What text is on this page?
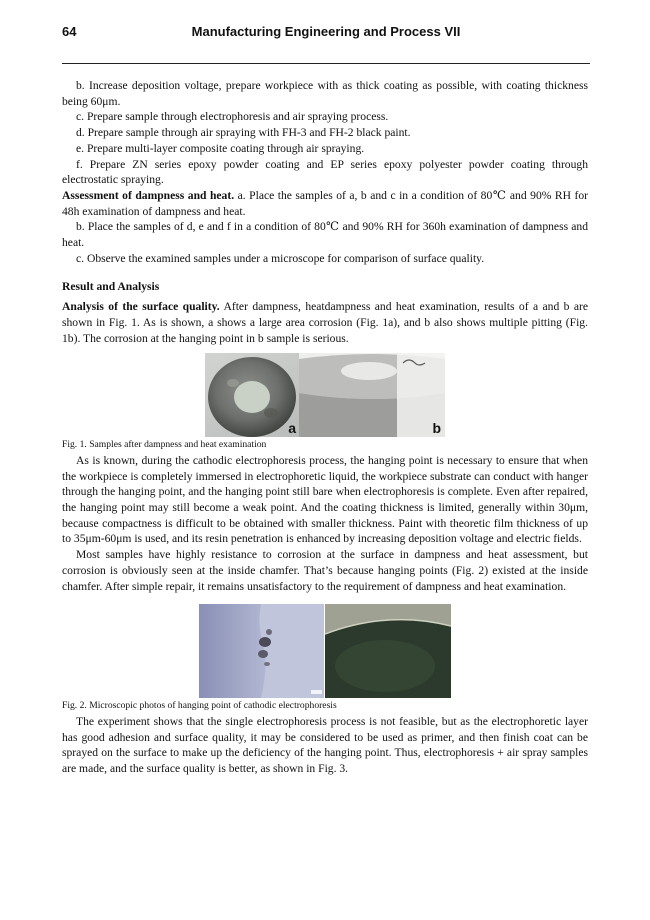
64	Manufacturing Engineering and Process VII

b. Increase deposition voltage, prepare workpiece with as thick coating as possible, with coating thickness being 60μm.

c. Prepare sample through electrophoresis and air spraying process.

d. Prepare sample through air spraying with FH-3 and FH-2 black paint.

e. Prepare multi-layer composite coating through air spraying.

f. Prepare ZN series epoxy powder coating and EP series epoxy polyester powder coating through electrostatic spraying.

Assessment of dampness and heat. a. Place the samples of a, b and c in a condition of 80℃ and 90% RH for 48h examination of dampness and heat.

b. Place the samples of d, e and f in a condition of 80℃ and 90% RH for 360h examination of dampness and heat.

c. Observe the examined samples under a microscope for comparison of surface quality.

Result and Analysis

Analysis of the surface quality. After dampness, heatdampness and heat examination, results of a and b are shown in Fig. 1. As is shown, a shows a large area corrosion (Fig. 1a), and b also shows multiple pitting (Fig. 1b). The corrosion at the hanging point in b sample is serious.

a	b

Fig. 1. Samples after dampness and heat examination

As is known, during the cathodic electrophoresis process, the hanging point is necessary to ensure that when the workpiece is completely immersed in electrophoretic liquid, the workpiece substrate can conduct with hanger through the hanging point, and the hanging point still bare when electrophoresis is complete. Even after repaired, the hanging point may still become a weak point. And the coating thickness is limited, generally within 30μm, because compactness is difficult to be obtained with smaller thickness. Paint with theoretic film thickness of up to 35μm-60μm is used, and its resin penetration is enhanced by increasing deposition voltage and electric fields.

Most samples have highly resistance to corrosion at the surface in dampness and heat assessment, but corrosion is obviously seen at the inside chamfer. That’s because hanging points (Fig. 2) existed at the inside chamfer. After simple repair, it remains unsatisfactory to the requirement of dampness and heat examination.

Fig. 2. Microscopic photos of hanging point of cathodic electrophoresis

The experiment shows that the single electrophoresis process is not feasible, but as the electrophoretic layer has good adhesion and surface quality, it may be considered to be used as primer, and then finish coat can be sprayed on the surface to make up the deficiency of the hanging point. Thus, electrophoresis + air spray samples are made, and the surface quality is better, as shown in Fig. 3.
